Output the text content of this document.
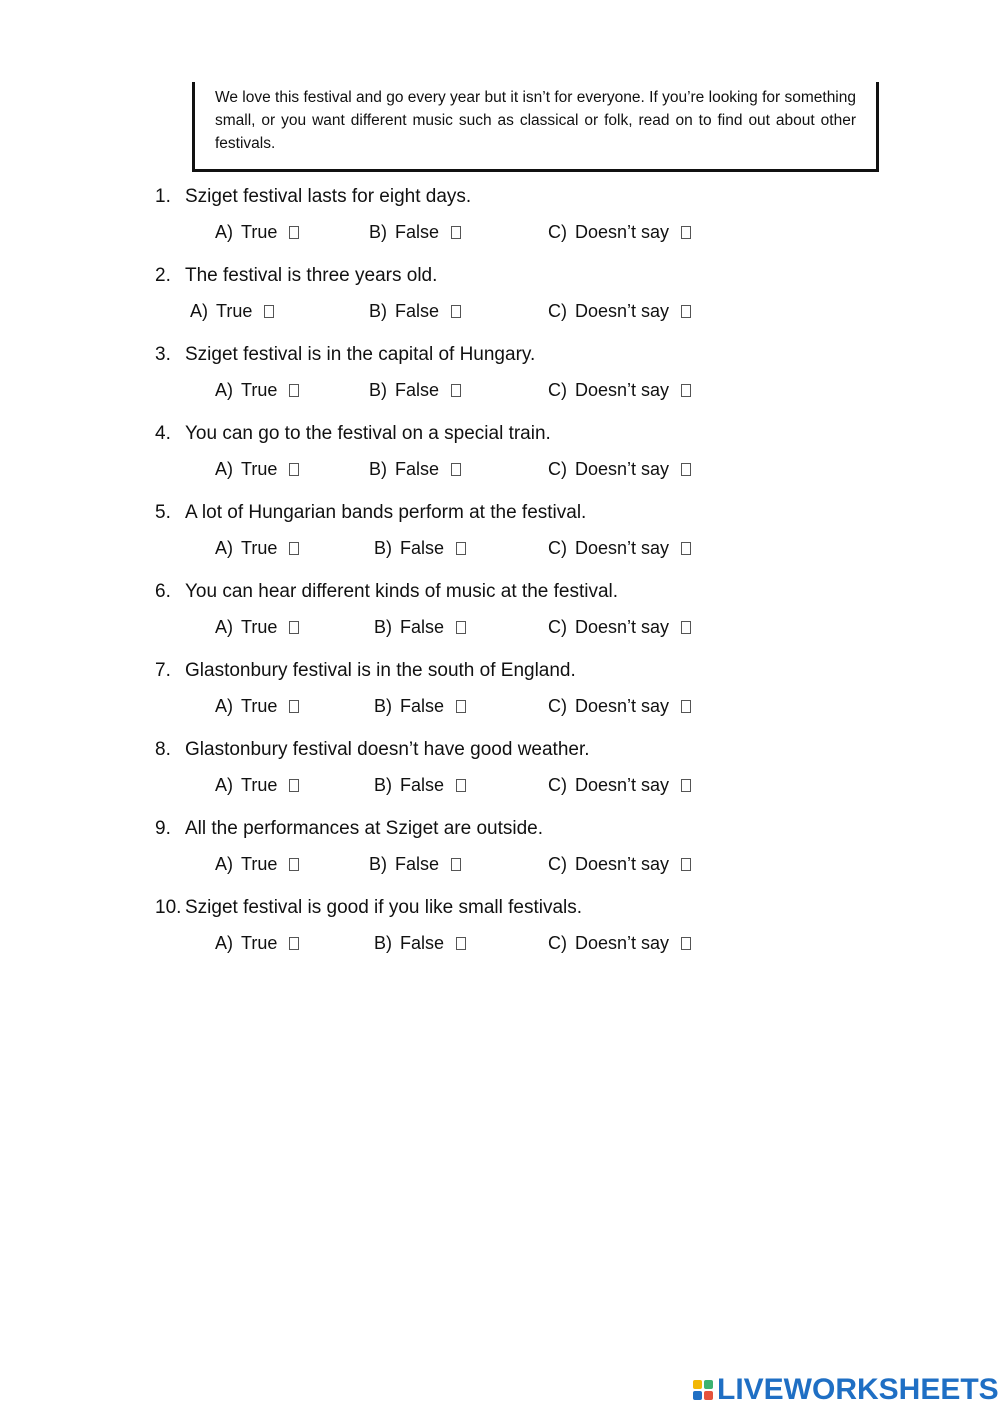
We love this festival and go every year but it isn’t for everyone. If you’re looking for something small, or you want different music such as classical or folk, read on to find out about other festivals.
1. Sziget festival lasts for eight days.
A) True	B) False	C) Doesn’t say
2. The festival is three years old.
A) True	B) False	C) Doesn’t say
3. Sziget festival is in the capital of Hungary.
A) True	B) False	C) Doesn’t say
4. You can go to the festival on a special train.
A) True	B) False	C) Doesn’t say
5. A lot of Hungarian bands perform at the festival.
A) True	B) False	C) Doesn’t say
6. You can hear different kinds of music at the festival.
A) True	B) False	C) Doesn’t say
7. Glastonbury festival is in the south of England.
A) True	B) False	C) Doesn’t say
8. Glastonbury festival doesn’t have good weather.
A) True	B) False	C) Doesn’t say
9. All the performances at Sziget are outside.
A) True	B) False	C) Doesn’t say
10. Sziget festival is good if you like small festivals.
A) True	B) False	C) Doesn’t say
LIVEWORKSHEETS
